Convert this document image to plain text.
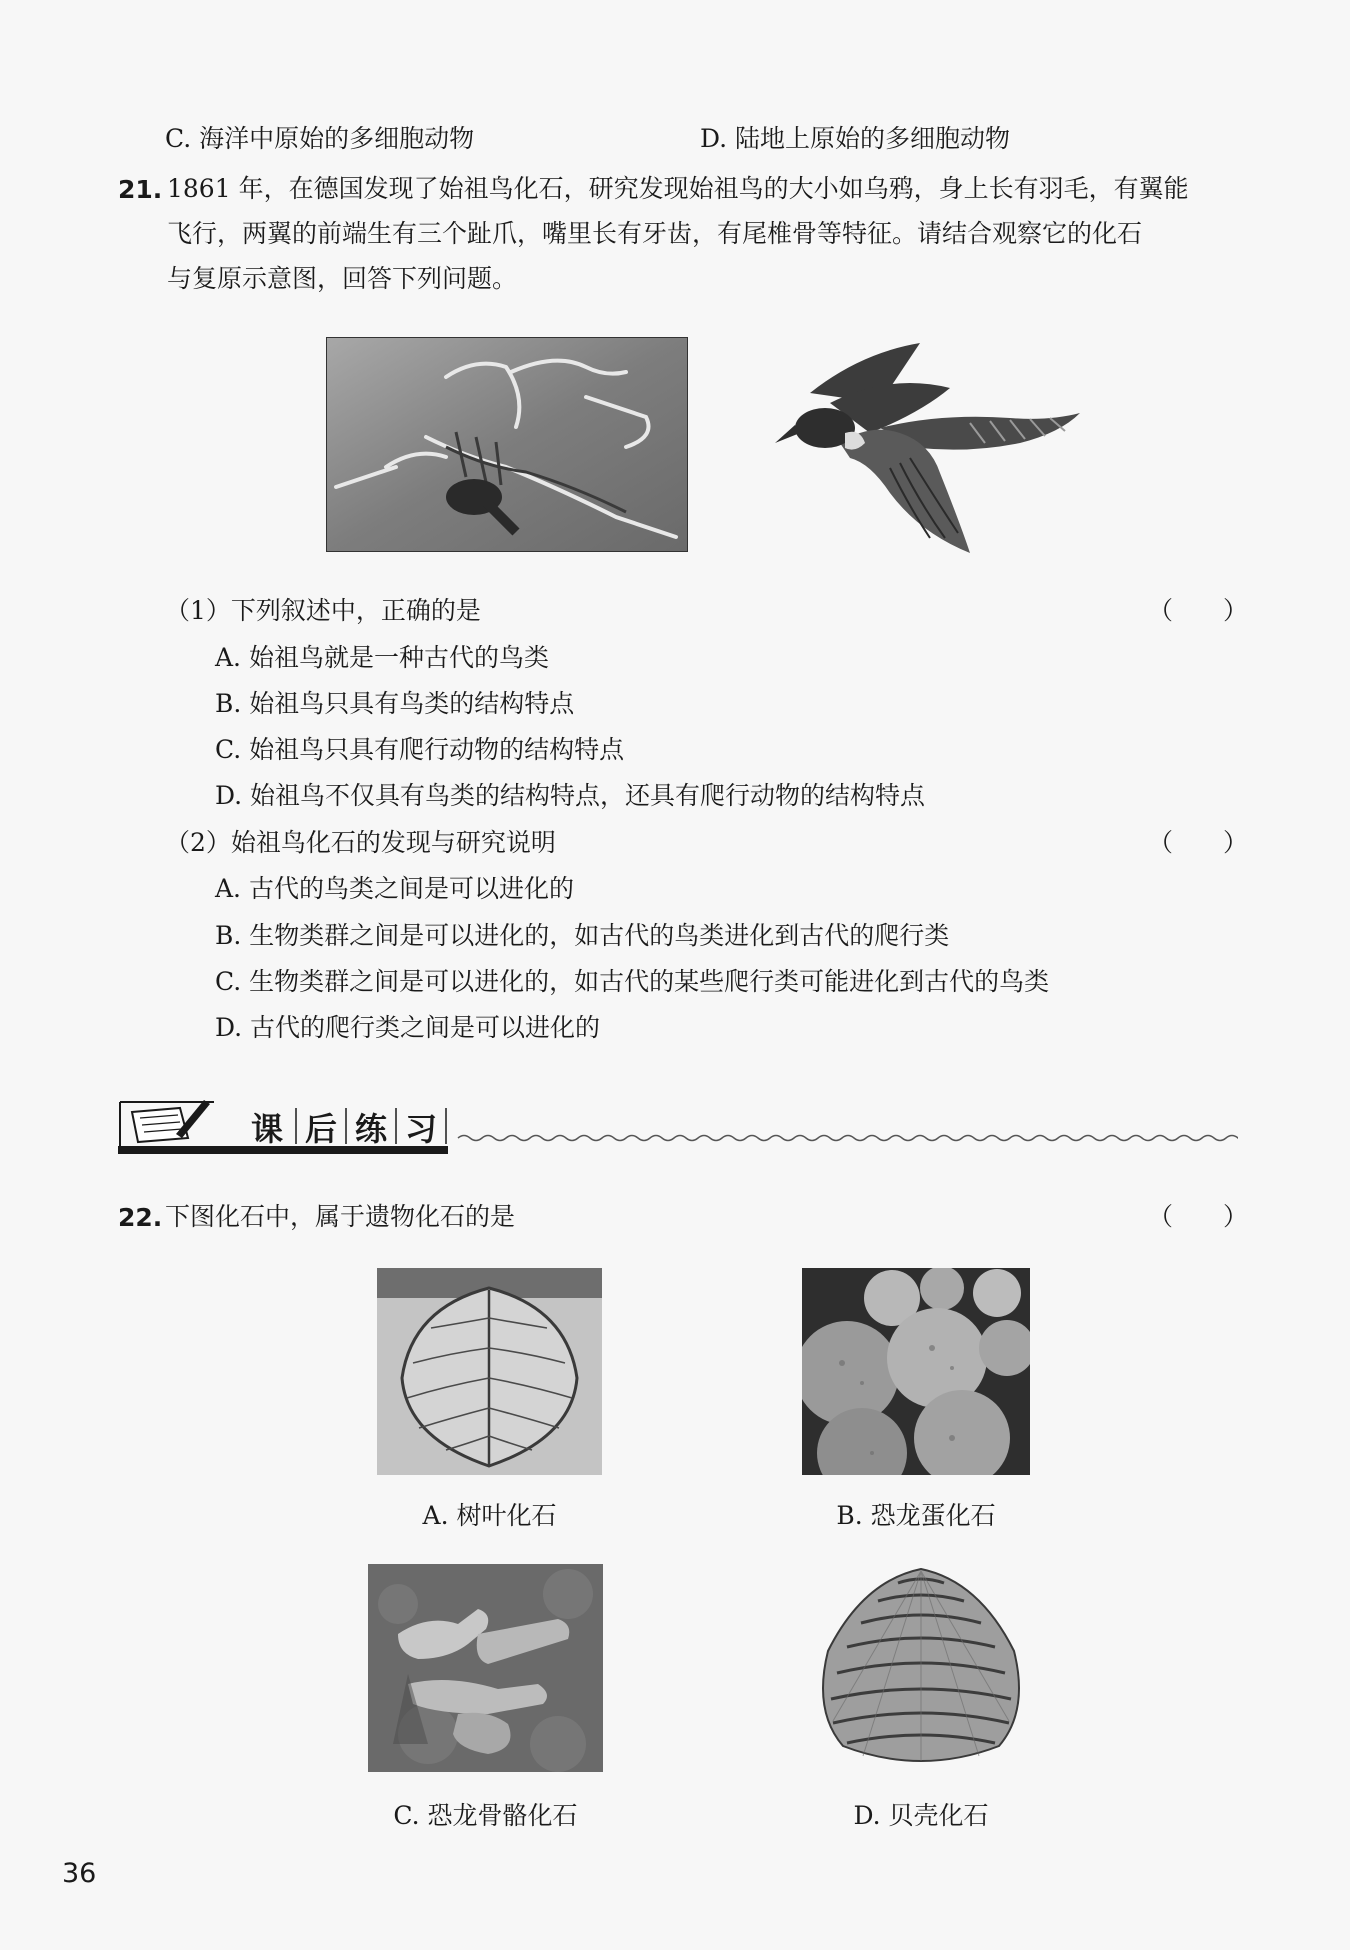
C. 海洋中原始的多细胞动物	D. 陆地上原始的多细胞动物
21. 1861 年，在德国发现了始祖鸟化石，研究发现始祖鸟的大小如乌鸦，身上长有羽毛，有翼能
飞行，两翼的前端生有三个趾爪，嘴里长有牙齿，有尾椎骨等特征。请结合观察它的化石
与复原示意图，回答下列问题。
（1）下列叙述中，正确的是	（　　）
A. 始祖鸟就是一种古代的鸟类
B. 始祖鸟只具有鸟类的结构特点
C. 始祖鸟只具有爬行动物的结构特点
D. 始祖鸟不仅具有鸟类的结构特点，还具有爬行动物的结构特点
（2）始祖鸟化石的发现与研究说明	（　　）
A. 古代的鸟类之间是可以进化的
B. 生物类群之间是可以进化的，如古代的鸟类进化到古代的爬行类
C. 生物类群之间是可以进化的，如古代的某些爬行类可能进化到古代的鸟类
D. 古代的爬行类之间是可以进化的
课 后 练 习
22. 下图化石中，属于遗物化石的是	（　　）
A. 树叶化石	B. 恐龙蛋化石
C. 恐龙骨骼化石	D. 贝壳化石
36
